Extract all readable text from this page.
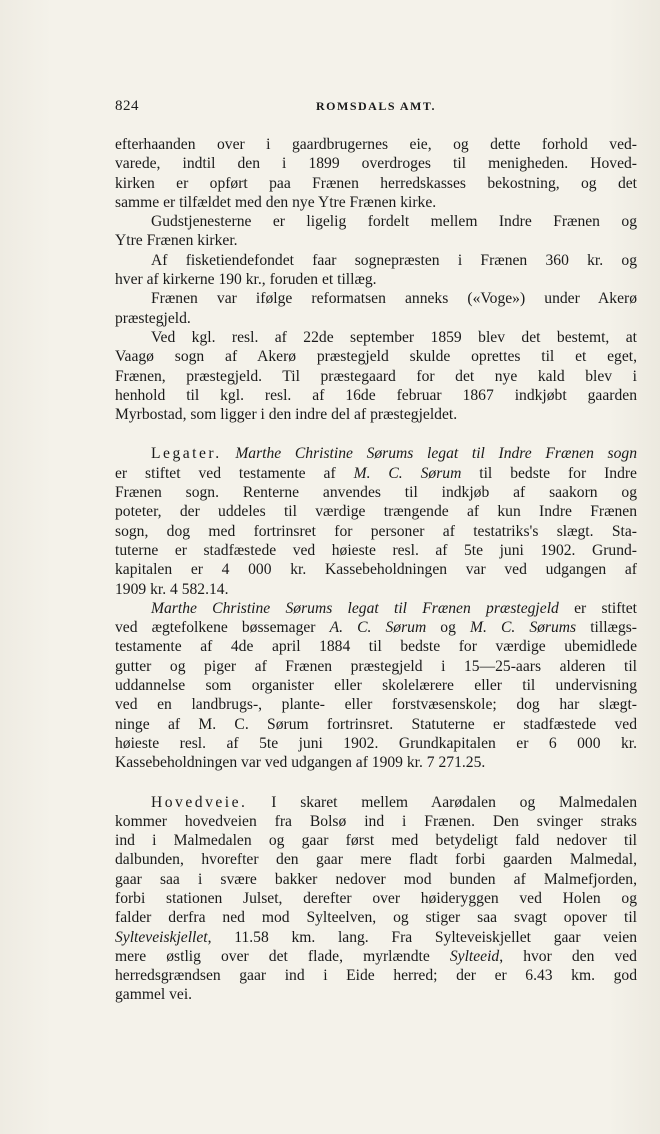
824	ROMSDALS AMT.
efterhaanden over i gaardbrugernes eie, og dette forhold ved-
varede, indtil den i 1899 overdroges til menigheden. Hoved-
kirken er opført paa Frænen herredskasses bekostning, og det
samme er tilfældet med den nye Ytre Frænen kirke.
Gudstjenesterne er ligelig fordelt mellem Indre Frænen og
Ytre Frænen kirker.
Af fisketiendefondet faar sognepræsten i Frænen 360 kr. og
hver af kirkerne 190 kr., foruden et tillæg.
Frænen var ifølge reformatsen anneks («Voge») under Akerø
præstegjeld.
Ved kgl. resl. af 22de september 1859 blev det bestemt, at
Vaagø sogn af Akerø præstegjeld skulde oprettes til et eget,
Frænen, præstegjeld. Til præstegaard for det nye kald blev i
henhold til kgl. resl. af 16de februar 1867 indkjøbt gaarden
Myrbostad, som ligger i den indre del af præstegjeldet.
Legater. Marthe Christine Sørums legat til Indre Frænen sogn
er stiftet ved testamente af M. C. Sørum til bedste for Indre
Frænen sogn. Renterne anvendes til indkjøb af saakorn og
poteter, der uddeles til værdige trængende af kun Indre Frænen
sogn, dog med fortrinsret for personer af testatriks's slægt. Sta-
tuterne er stadfæstede ved høieste resl. af 5te juni 1902. Grund-
kapitalen er 4 000 kr. Kassebeholdningen var ved udgangen af
1909 kr. 4 582.14.
Marthe Christine Sørums legat til Frænen præstegjeld er stiftet
ved ægtefolkene bøssemager A. C. Sørum og M. C. Sørums tillægs-
testamente af 4de april 1884 til bedste for værdige ubemidlede
gutter og piger af Frænen præstegjeld i 15—25-aars alderen til
uddannelse som organister eller skolelærere eller til undervisning
ved en landbrugs-, plante- eller forstvæsenskole; dog har slægt-
ninge af M. C. Sørum fortrinsret. Statuterne er stadfæstede ved
høieste resl. af 5te juni 1902. Grundkapitalen er 6 000 kr.
Kassebeholdningen var ved udgangen af 1909 kr. 7 271.25.
Hovedveie. I skaret mellem Aarødalen og Malmedalen
kommer hovedveien fra Bolsø ind i Frænen. Den svinger straks
ind i Malmedalen og gaar først med betydeligt fald nedover til
dalbunden, hvorefter den gaar mere fladt forbi gaarden Malmedal,
gaar saa i svære bakker nedover mod bunden af Malmefjorden,
forbi stationen Julset, derefter over høideryggen ved Holen og
falder derfra ned mod Sylteelven, og stiger saa svagt opover til
Sylteveiskjellet, 11.58 km. lang. Fra Sylteveiskjellet gaar veien
mere østlig over det flade, myrlændte Sylteeid, hvor den ved
herredsgrændsen gaar ind i Eide herred; der er 6.43 km. god
gammel vei.
